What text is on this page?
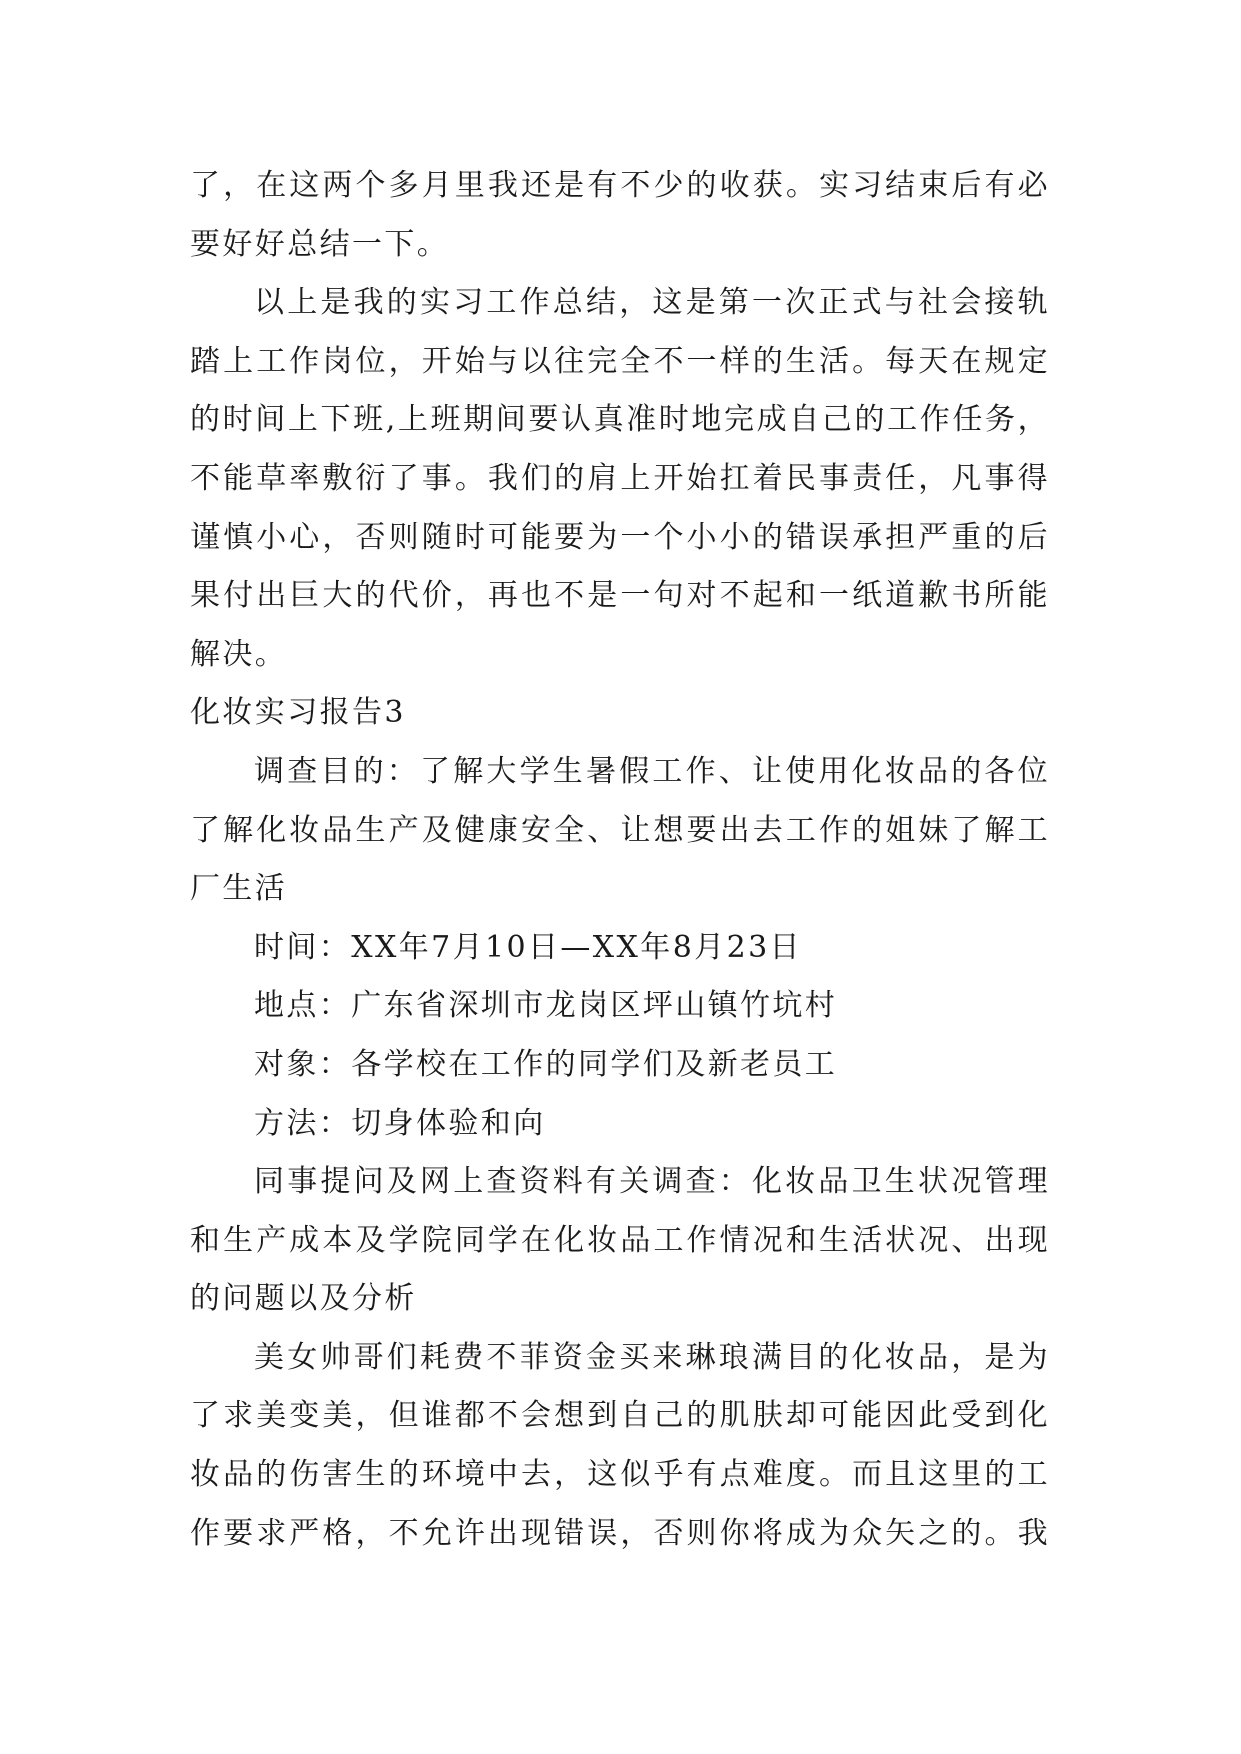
了，在这两个多月里我还是有不少的收获。实习结束后有必
要好好总结一下。
以上是我的实习工作总结，这是第一次正式与社会接轨
踏上工作岗位，开始与以往完全不一样的生活。每天在规定
的时间上下班,上班期间要认真准时地完成自己的工作任务，
不能草率敷衍了事。我们的肩上开始扛着民事责任，凡事得
谨慎小心，否则随时可能要为一个小小的错误承担严重的后
果付出巨大的代价，再也不是一句对不起和一纸道歉书所能
解决。
化妆实习报告3
调查目的：了解大学生暑假工作、让使用化妆品的各位
了解化妆品生产及健康安全、让想要出去工作的姐妹了解工
厂生活
时间：XX年7月10日—XX年8月23日
地点：广东省深圳市龙岗区坪山镇竹坑村
对象：各学校在工作的同学们及新老员工
方法：切身体验和向
同事提问及网上查资料有关调查：化妆品卫生状况管理
和生产成本及学院同学在化妆品工作情况和生活状况、出现
的问题以及分析
美女帅哥们耗费不菲资金买来琳琅满目的化妆品，是为
了求美变美，但谁都不会想到自己的肌肤却可能因此受到化
妆品的伤害生的环境中去，这似乎有点难度。而且这里的工
作要求严格，不允许出现错误，否则你将成为众矢之的。我
